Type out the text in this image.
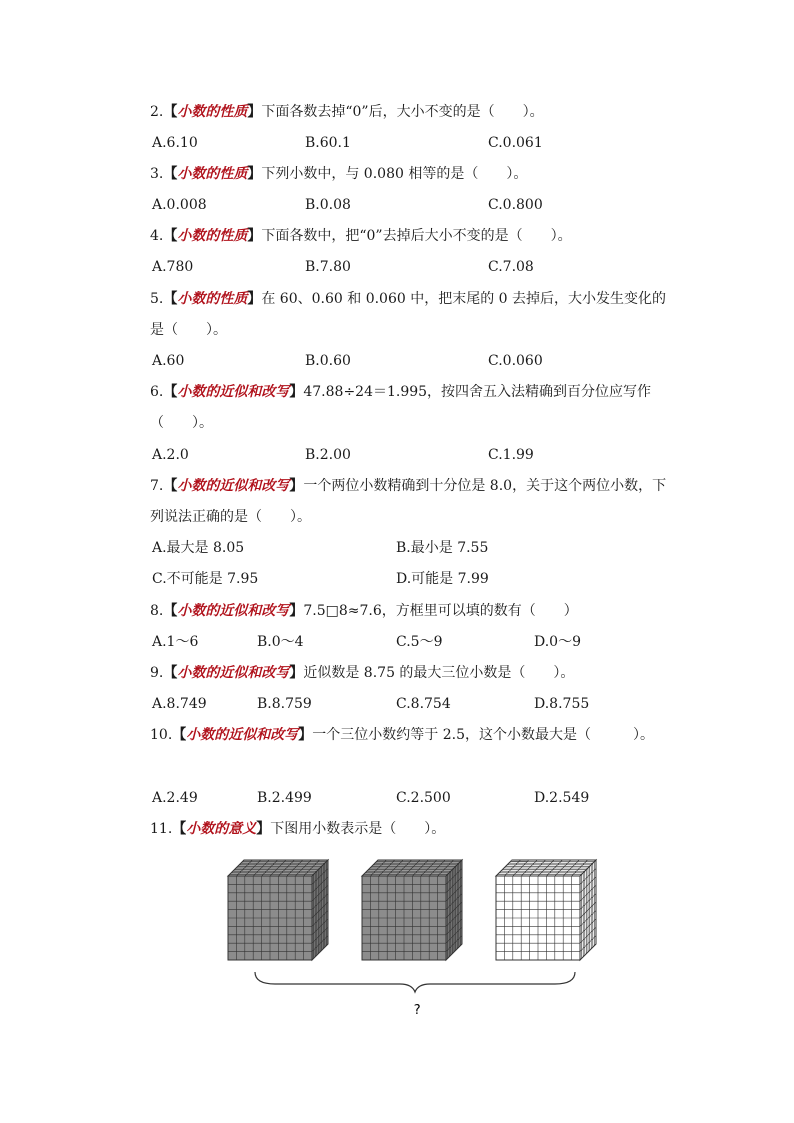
2.【小数的性质】下面各数去掉“0”后，大小不变的是（　　）。
A.6.10	B.60.1	C.0.061
3.【小数的性质】下列小数中，与 0.080 相等的是（　　）。
A.0.008	B.0.08	C.0.800
4.【小数的性质】下面各数中，把“0”去掉后大小不变的是（　　）。
A.780	B.7.80	C.7.08
5.【小数的性质】在 60、0.60 和 0.060 中，把末尾的 0 去掉后，大小发生变化的是（　　）。
A.60	B.0.60	C.0.060
6.【小数的近似和改写】47.88÷24＝1.995，按四舍五入法精确到百分位应写作（　　）。
A.2.0	B.2.00	C.1.99
7.【小数的近似和改写】一个两位小数精确到十分位是 8.0，关于这个两位小数，下列说法正确的是（　　）。
A.最大是 8.05	B.最小是 7.55
C.不可能是 7.95	D.可能是 7.99
8.【小数的近似和改写】7.5□8≈7.6，方框里可以填的数有（　　）
A.1～6	B.0～4	C.5～9	D.0～9
9.【小数的近似和改写】近似数是 8.75 的最大三位小数是（　　）。
A.8.749	B.8.759	C.8.754	D.8.755
10.【小数的近似和改写】一个三位小数约等于 2.5，这个小数最大是（　　　）。
A.2.49	B.2.499	C.2.500	D.2.549
11.【小数的意义】下图用小数表示是（　　）。
?
